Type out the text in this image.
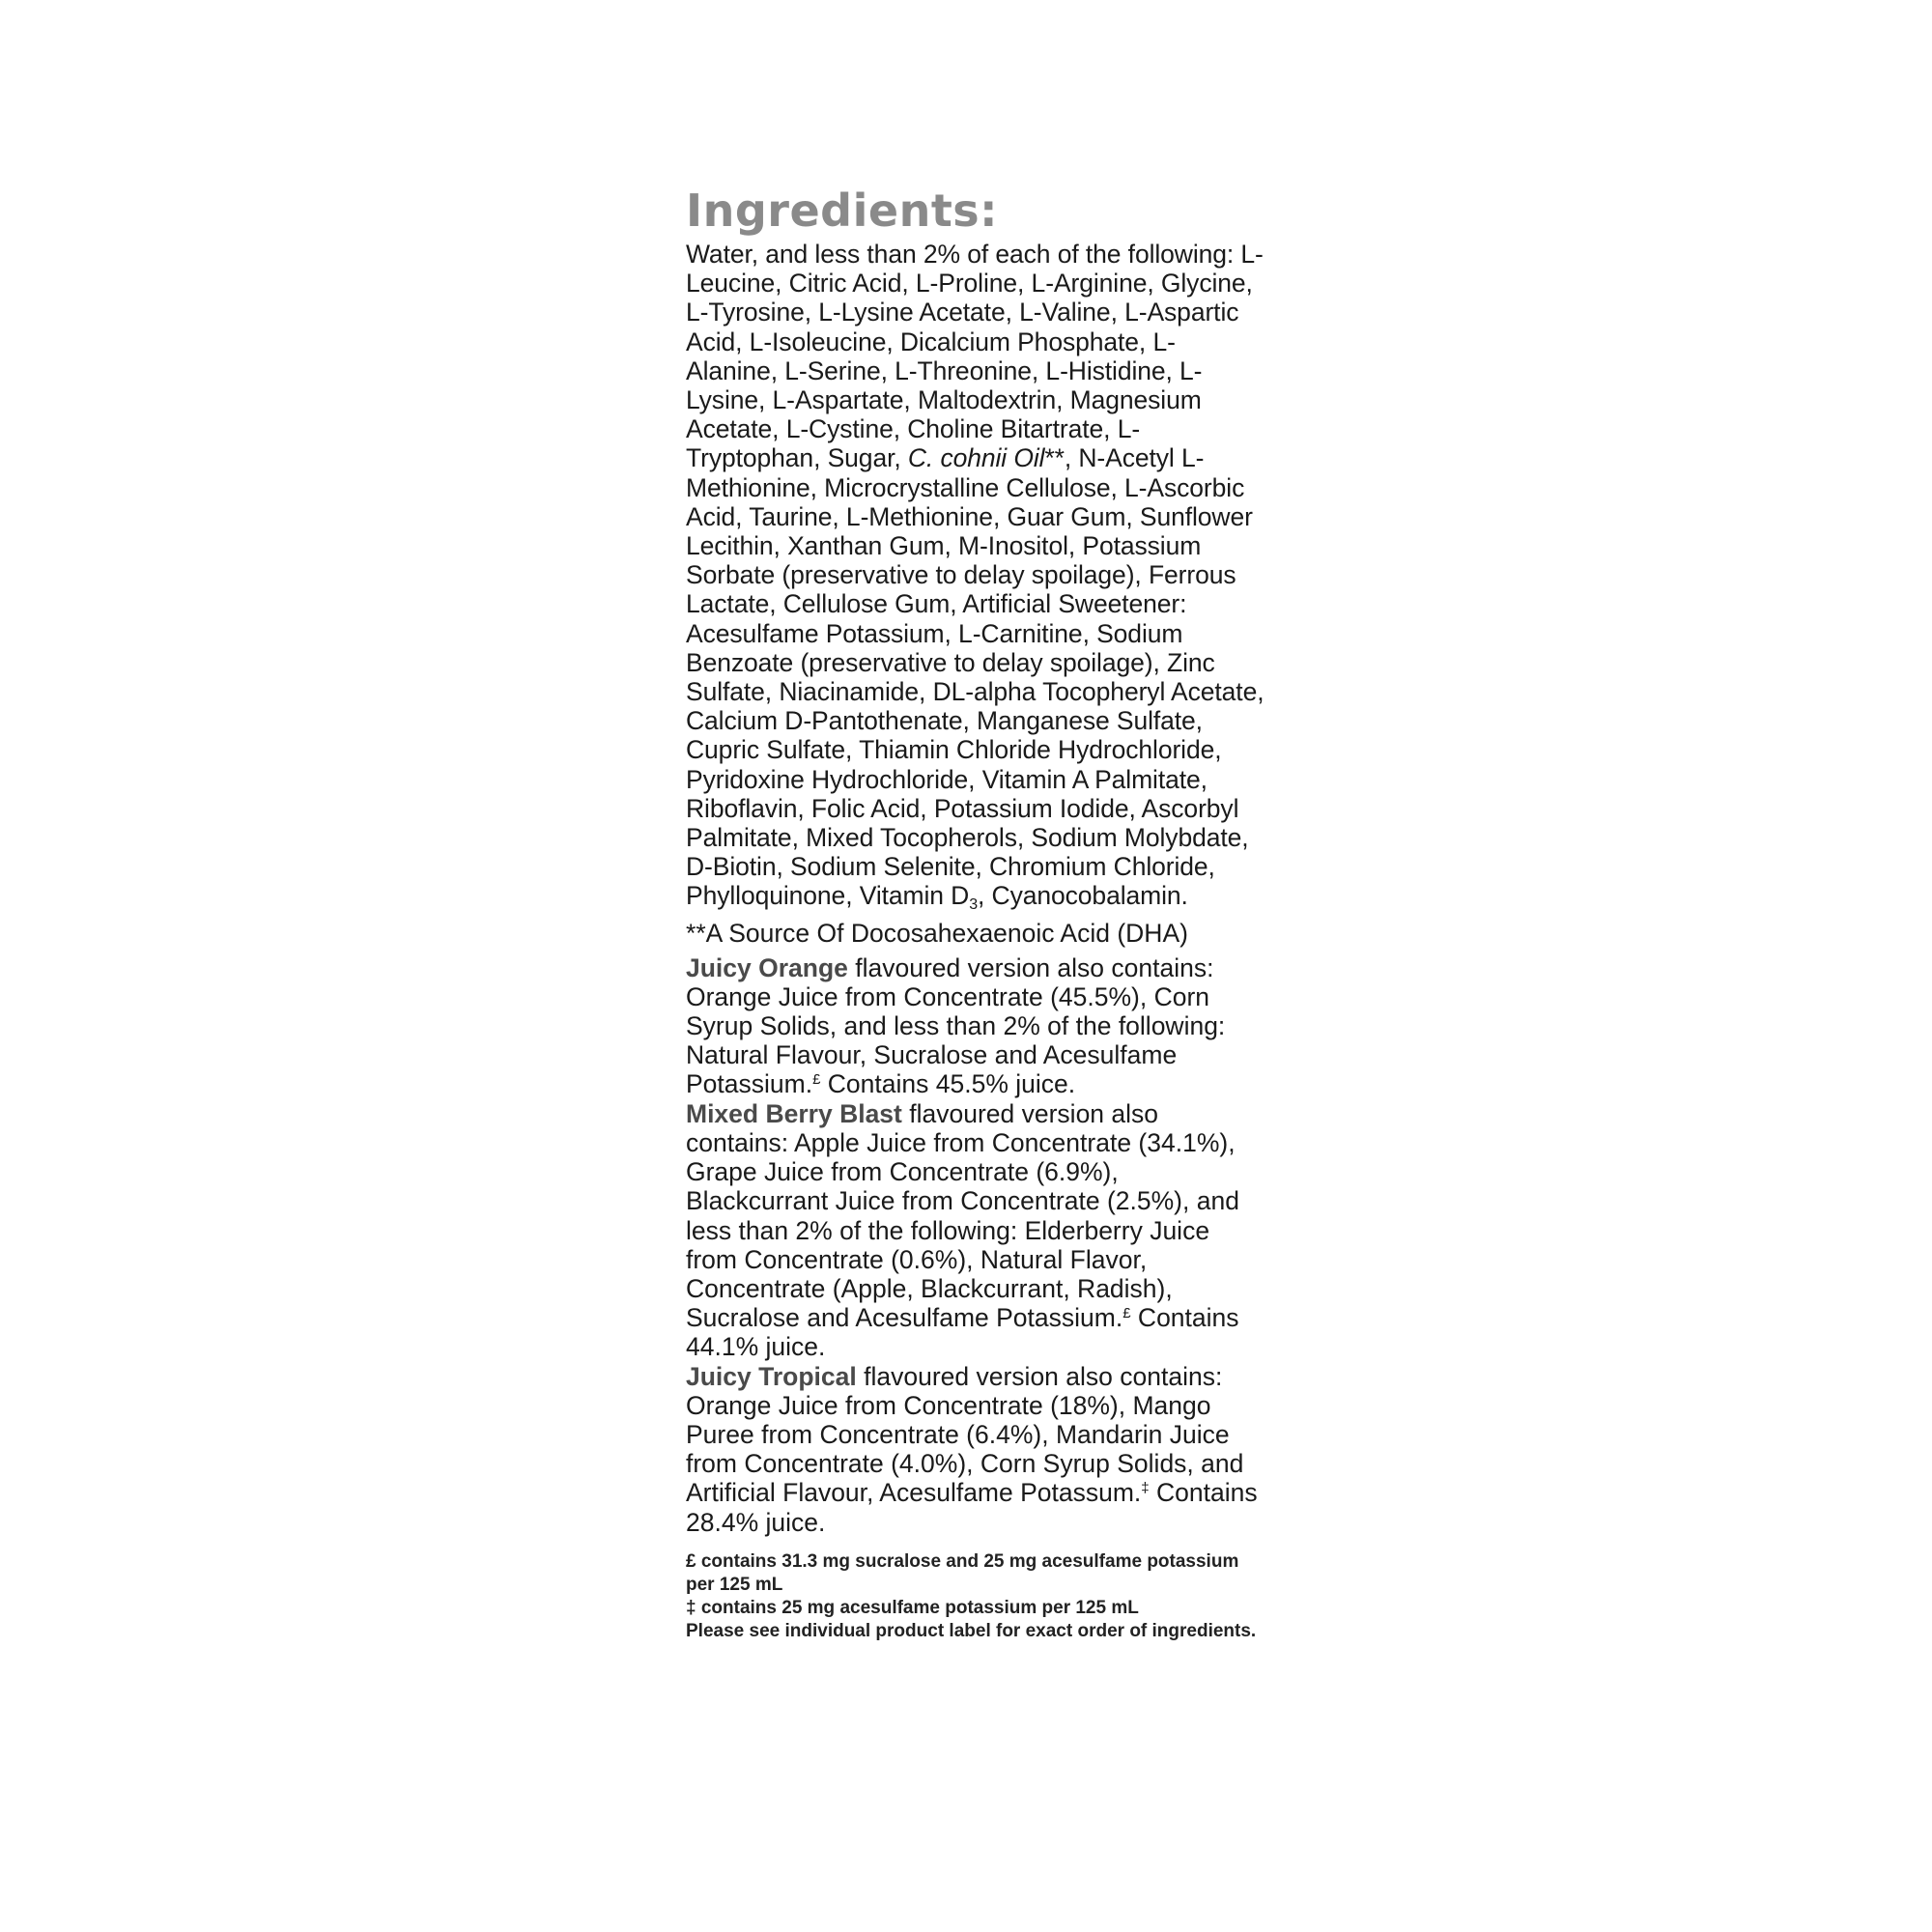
Ingredients:

Water, and less than 2% of each of the following: L-Leucine, Citric Acid, L-Proline, L-Arginine, Glycine, L-Tyrosine, L-Lysine Acetate, L-Valine, L-Aspartic Acid, L-Isoleucine, Dicalcium Phosphate, L-Alanine, L-Serine, L-Threonine, L-Histidine, L-Lysine, L-Aspartate, Maltodextrin, Magnesium Acetate, L-Cystine, Choline Bitartrate, L-Tryptophan, Sugar, C. cohnii Oil**, N-Acetyl L-Methionine, Microcrystalline Cellulose, L-Ascorbic Acid, Taurine, L-Methionine, Guar Gum, Sunflower Lecithin, Xanthan Gum, M-Inositol, Potassium Sorbate (preservative to delay spoilage), Ferrous Lactate, Cellulose Gum, Artificial Sweetener: Acesulfame Potassium, L-Carnitine, Sodium Benzoate (preservative to delay spoilage), Zinc Sulfate, Niacinamide, DL-alpha Tocopheryl Acetate, Calcium D-Pantothenate, Manganese Sulfate, Cupric Sulfate, Thiamin Chloride Hydrochloride, Pyridoxine Hydrochloride, Vitamin A Palmitate, Riboflavin, Folic Acid, Potassium Iodide, Ascorbyl Palmitate, Mixed Tocopherols, Sodium Molybdate, D-Biotin, Sodium Selenite, Chromium Chloride, Phylloquinone, Vitamin $D_3$, Cyanocobalamin.

**A Source Of Docosahexaenoic Acid (DHA)

Juicy Orange flavoured version also contains: Orange Juice from Concentrate (45.5%), Corn Syrup Solids, and less than 2% of the following: Natural Flavour, Sucralose and Acesulfame Potassium.£ Contains 45.5% juice.

Mixed Berry Blast flavoured version also contains: Apple Juice from Concentrate (34.1%), Grape Juice from Concentrate (6.9%), Blackcurrant Juice from Concentrate (2.5%), and less than 2% of the following: Elderberry Juice from Concentrate (0.6%), Natural Flavor, Concentrate (Apple, Blackcurrant, Radish), Sucralose and Acesulfame Potassium.£ Contains 44.1% juice.

Juicy Tropical flavoured version also contains: Orange Juice from Concentrate (18%), Mango Puree from Concentrate (6.4%), Mandarin Juice from Concentrate (4.0%), Corn Syrup Solids, and Artificial Flavour, Acesulfame Potassum.‡ Contains 28.4% juice.

£ contains 31.3 mg sucralose and 25 mg acesulfame potassium per 125 mL
‡ contains 25 mg acesulfame potassium per 125 mL
Please see individual product label for exact order of ingredients.
